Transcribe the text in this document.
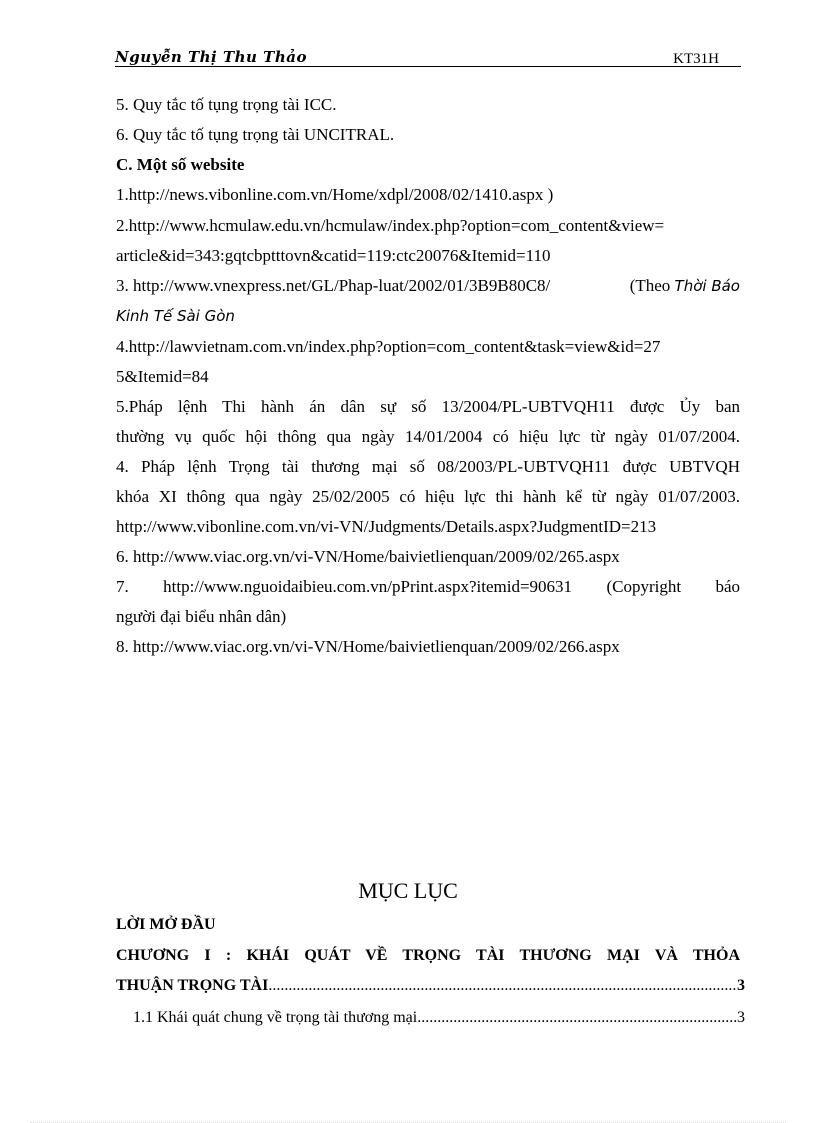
Nguyễn Thị Thu Thảo	KT31H
5. Quy tắc tố tụng trọng tài ICC.
6. Quy tắc tố tụng trọng tài UNCITRAL.
C. Một số website
1.http://news.vibonline.com.vn/Home/xdpl/2008/02/1410.aspx )
2.http://www.hcmulaw.edu.vn/hcmulaw/index.php?option=com_content&view=
article&id=343:gqtcbptttovn&catid=119:ctc20076&Itemid=110
3. http://www.vnexpress.net/GL/Phap-luat/2002/01/3B9B80C8/	(Theo Thời Báo
Kinh Tế Sài Gòn
4.http://lawvietnam.com.vn/index.php?option=com_content&task=view&id=27
5&Itemid=84
5.Pháp lệnh Thi hành án dân sự số 13/2004/PL-UBTVQH11 được Ủy ban
thường vụ quốc hội thông qua ngày 14/01/2004 có hiệu lực từ ngày 01/07/2004.
4. Pháp lệnh Trọng tài thương mại số 08/2003/PL-UBTVQH11 được UBTVQH
khóa XI thông qua ngày 25/02/2005 có hiệu lực thi hành kể từ ngày 01/07/2003.
http://www.vibonline.com.vn/vi-VN/Judgments/Details.aspx?JudgmentID=213
6. http://www.viac.org.vn/vi-VN/Home/baivietlienquan/2009/02/265.aspx
7. http://www.nguoidaibieu.com.vn/pPrint.aspx?itemid=90631 (Copyright báo
người đại biểu nhân dân)
8. http://www.viac.org.vn/vi-VN/Home/baivietlienquan/2009/02/266.aspx
MỤC LỤC
LỜI MỞ ĐẦU
CHƯƠNG I : KHÁI QUÁT VỀ TRỌNG TÀI THƯƠNG MẠI VÀ THỎA
THUẬN TRỌNG TÀI .....	3
1.1 Khái quát chung về trọng tài thương mại .....	3
